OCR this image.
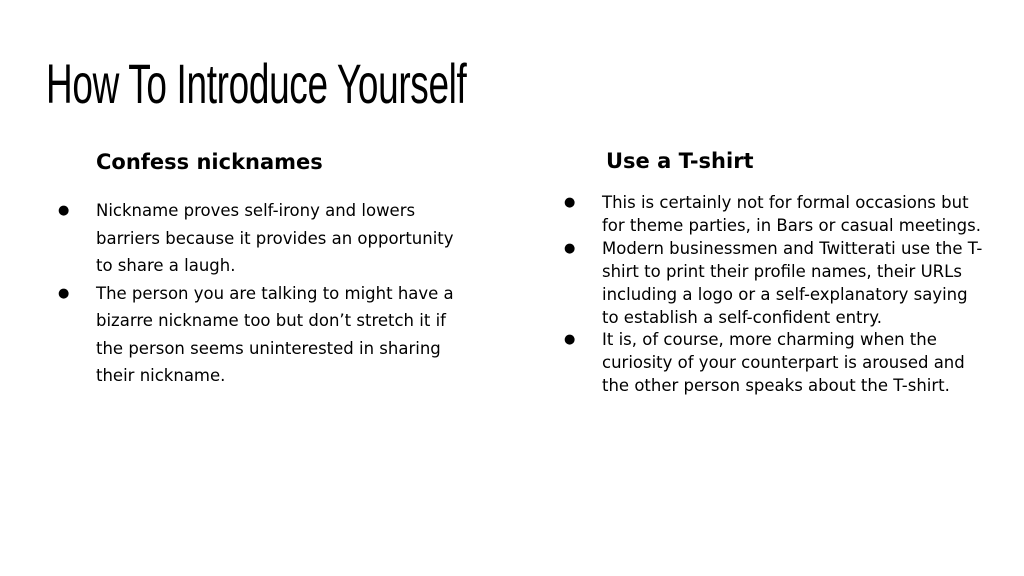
How To Introduce Yourself
Confess nicknames
● Nickname proves self-irony and lowers barriers because it provides an opportunity to share a laugh.
● The person you are talking to might have a bizarre nickname too but don’t stretch it if the person seems uninterested in sharing their nickname.
Use a T-shirt
● This is certainly not for formal occasions but for theme parties, in Bars or casual meetings.
● Modern businessmen and Twitterati use the T-shirt to print their profile names, their URLs including a logo or a self-explanatory saying to establish a self-confident entry.
● It is, of course, more charming when the curiosity of your counterpart is aroused and the other person speaks about the T-shirt.
